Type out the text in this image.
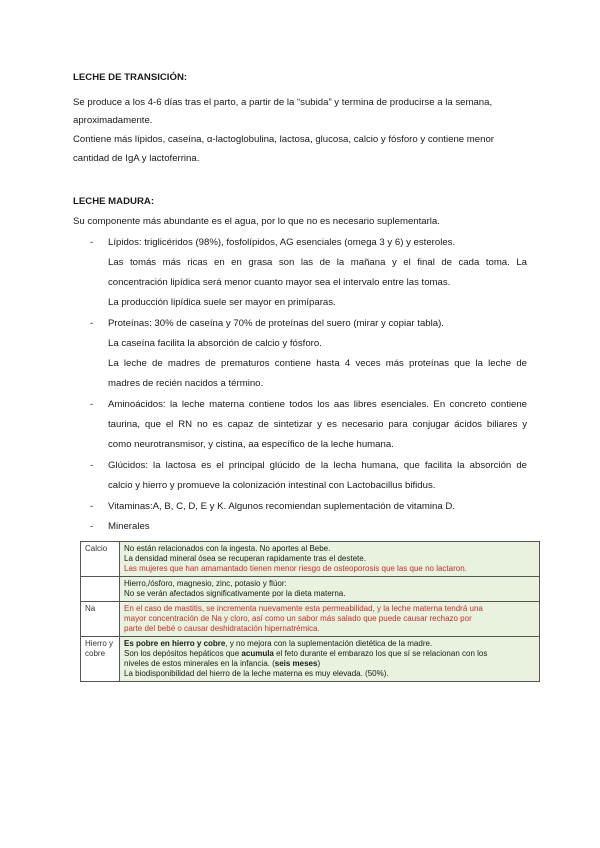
LECHE DE TRANSICIÓN:
Se produce a los 4-6 días tras el parto, a partir de la “subida” y termina de producirse a la semana,
aproximadamente.
Contiene más lípidos, caseína, α-lactoglobulina, lactosa, glucosa, calcio y fósforo y contiene menor
cantidad de IgA y lactoferrina.
LECHE MADURA:
Su componente más abundante es el agua, por lo que no es necesario suplementarla.
- Lípidos: triglicéridos (98%), fosfolípidos, AG esenciales (omega 3 y 6) y esteroles.
Las tomás más ricas en en grasa son las de la mañana y el final de cada toma. La
concentración lipídica será menor cuanto mayor sea el intervalo entre las tomas.
La producción lipídica suele ser mayor en primíparas.
- Proteínas: 30% de caseína y 70% de proteínas del suero (mirar y copiar tabla).
La caseína facilita la absorción de calcio y fósforo.
La leche de madres de prematuros contiene hasta 4 veces más proteínas que la leche de
madres de recién nacidos a término.
- Aminoácidos: la leche materna contiene todos los aas libres esenciales. En concreto contiene
taurina, que el RN no es capaz de sintetizar y es necesario para conjugar ácidos biliares y
como neurotransmisor, y cistina, aa específico de la leche humana.
- Glúcidos: la lactosa es el principal glúcido de la lecha humana, que facilita la absorción de
calcio y hierro y promueve la colonización intestinal con Lactobacillus bifidus.
- Vitaminas:A, B, C, D, E y K. Algunos recomiendan suplementación de vitamina D.
- Minerales
Calcio	No están relacionados con la ingesta. No aportes al Bebe.
La densidad mineral ósea se recuperan rapidamente tras el destete.
Las mujeres que han amamantado tienen menor riesgo de osteoporosis que las que no lactaron.

	Hierro,/ósforo, magnesio, zinc, potasio y flúor:
No se verán afectados significativamente por la dieta materna.

Na	En el caso de mastitis, se incrementa nuevamente esta permeabilidad, y la leche materna tendrá una
mayor concentración de Na y cloro, así como un sabor más salado que puede causar rechazo por
parte del bebé o causar deshidratación hipernatrémica.

Hierro y
cobre	Es pobre en hierro y cobre, y no mejora con la suplementación dietética de la madre.
Son los depósitos hepáticos que acumula el feto durante el embarazo los que sí se relacionan con los
niveles de estos minerales en la infancia. (seis meses)
La biodisponibilidad del hierro de la leche materna es muy elevada. (50%).
